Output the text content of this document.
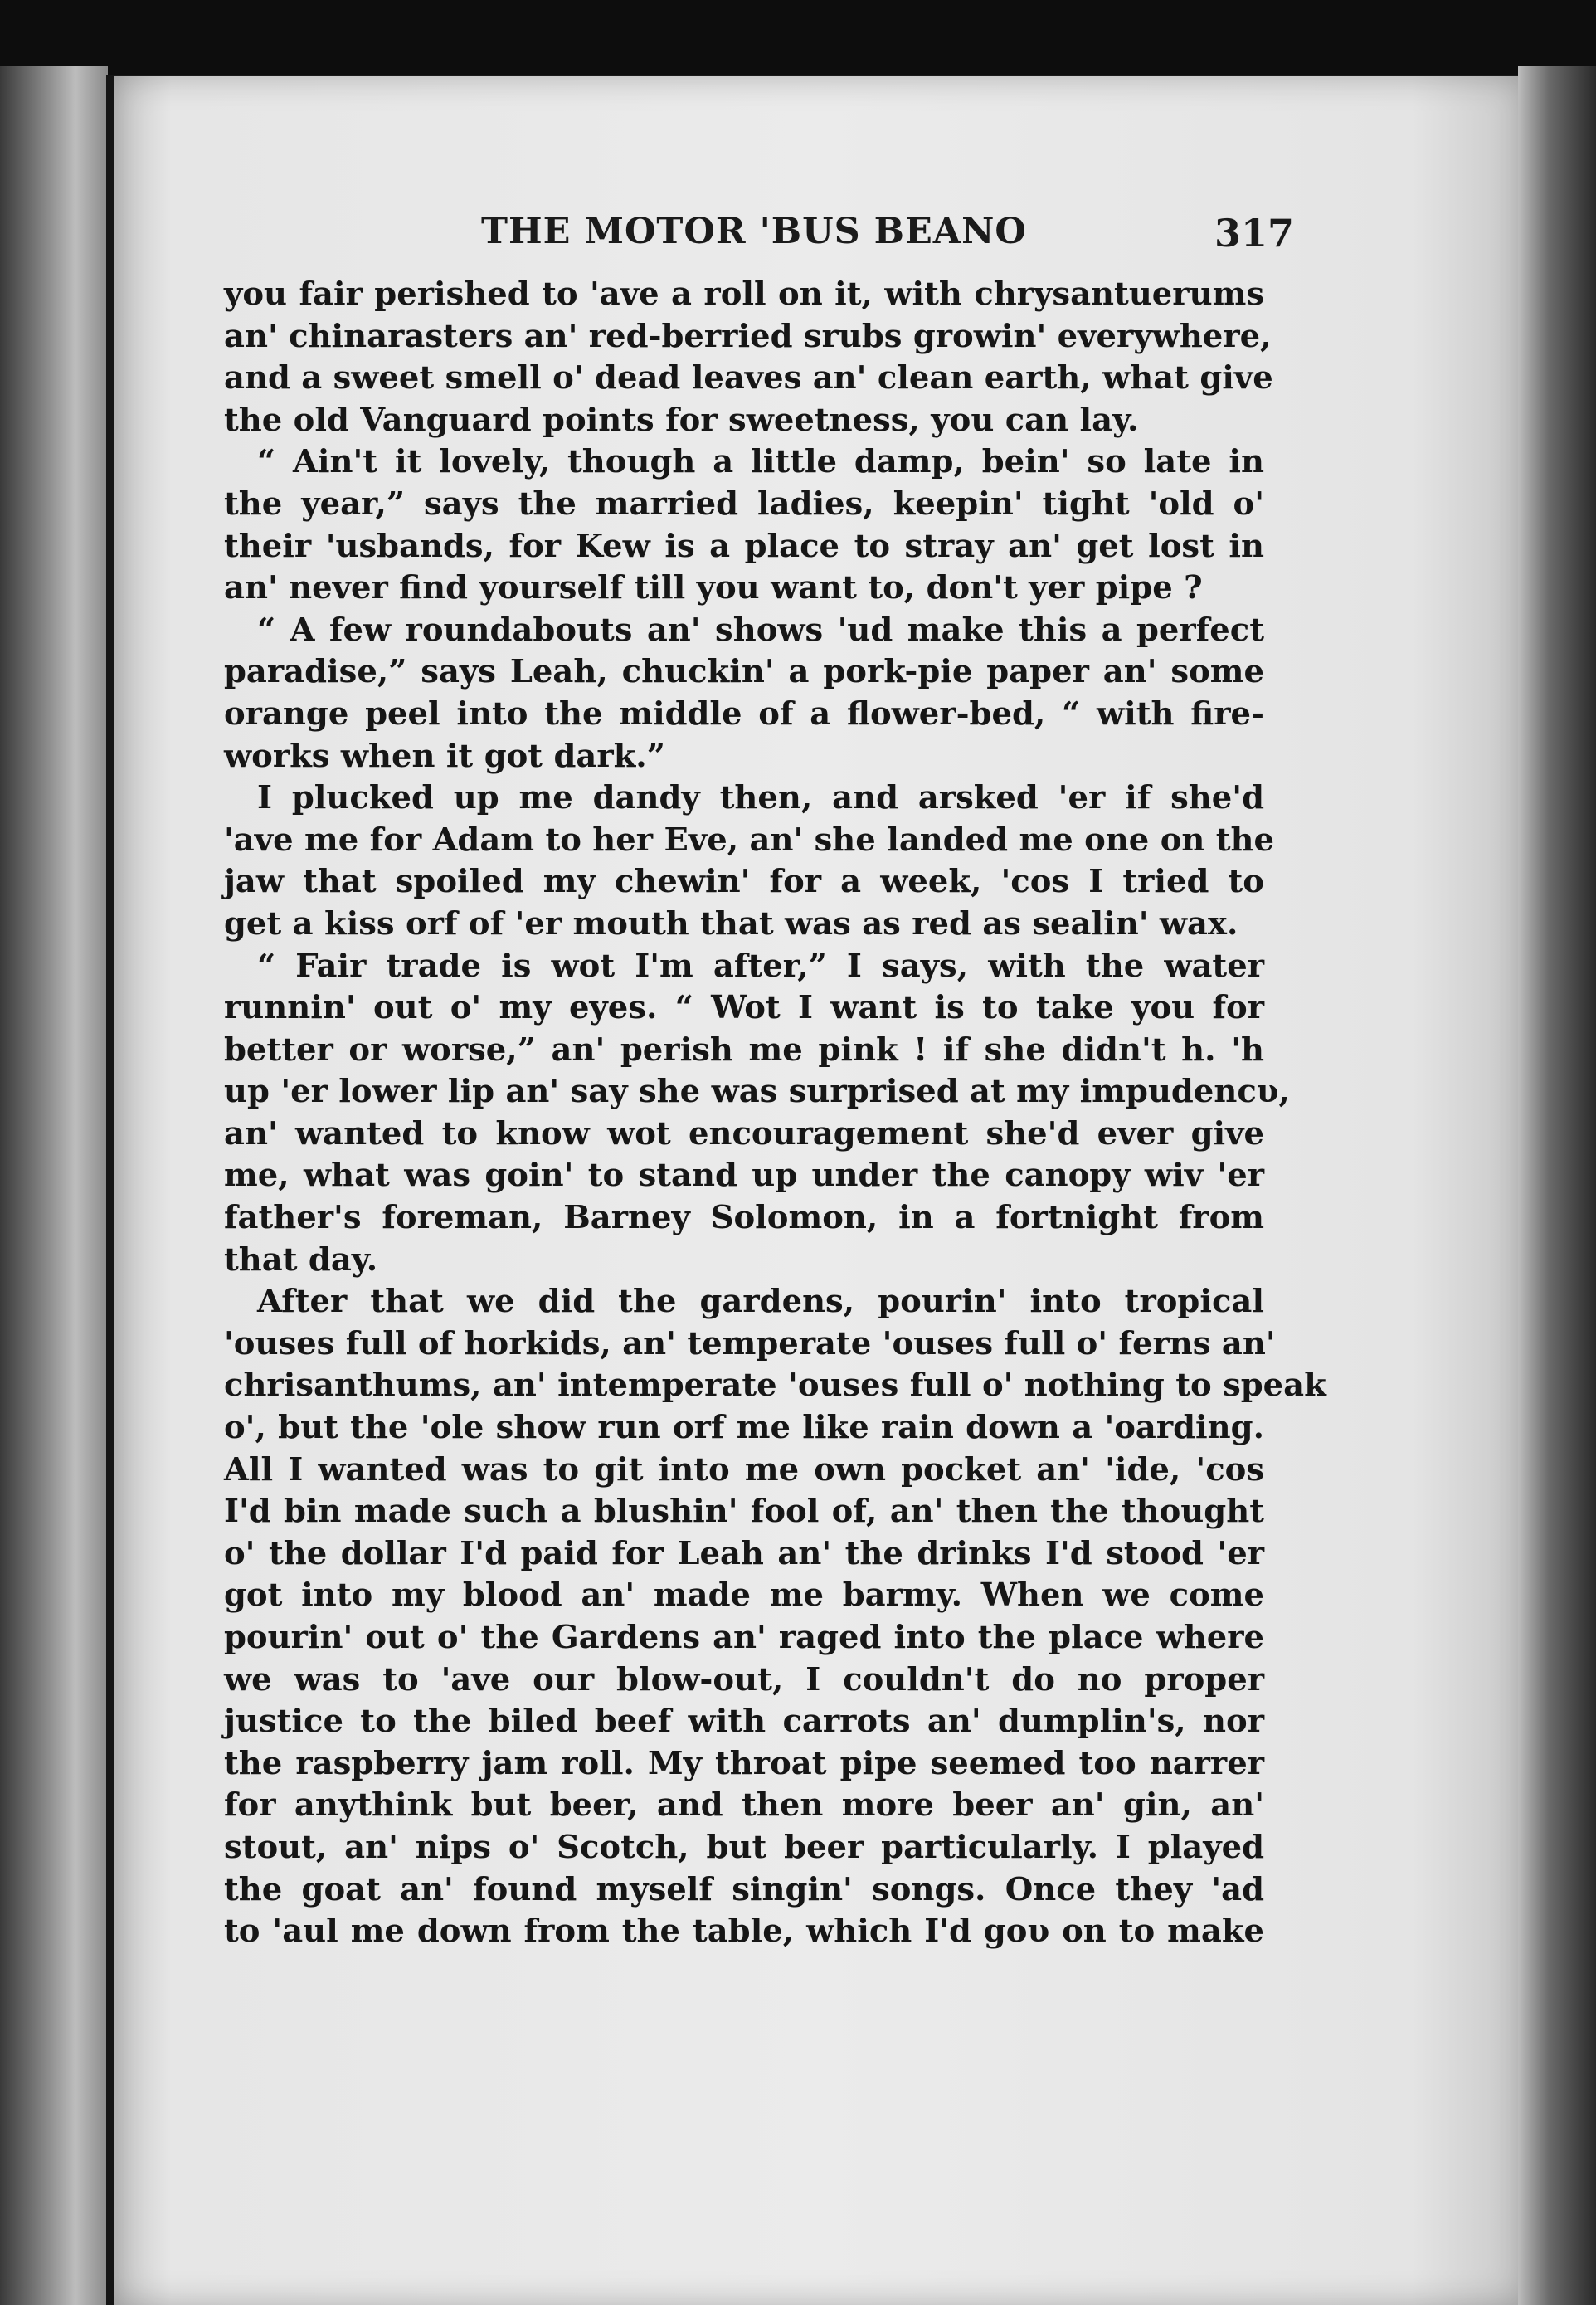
THE MOTOR 'BUS BEANO	317
you fair perished to 'ave a roll on it, with chrysantuerums
an' chinarasters an' red-berried srubs growin' everywhere,
and a sweet smell o' dead leaves an' clean earth, what give
the old Vanguard points for sweetness, you can lay.
“ Ain't it lovely, though a little damp, bein' so late in
the year,” says the married ladies, keepin' tight 'old o'
their 'usbands, for Kew is a place to stray an' get lost in
an' never find yourself till you want to, don't yer pipe ?
“ A few roundabouts an' shows 'ud make this a perfect
paradise,” says Leah, chuckin' a pork-pie paper an' some
orange peel into the middle of a flower-bed, “ with fire-
works when it got dark.”
I plucked up me dandy then, and arsked 'er if she'd
'ave me for Adam to her Eve, an' she landed me one on the
jaw that spoiled my chewin' for a week, 'cos I tried to
get a kiss orf of 'er mouth that was as red as sealin' wax.
“ Fair trade is wot I'm after,” I says, with the water
runnin' out o' my eyes. “ Wot I want is to take you for
better or worse,” an' perish me pink ! if she didn't h. 'h
up 'er lower lip an' say she was surprised at my impudencυ,
an' wanted to know wot encouragement she'd ever give
me, what was goin' to stand up under the canopy wiv 'er
father's foreman, Barney Solomon, in a fortnight from
that day.
After that we did the gardens, pourin' into tropical
'ouses full of horkids, an' temperate 'ouses full o' ferns an'
chrisanthums, an' intemperate 'ouses full o' nothing to speak
o', but the 'ole show run orf me like rain down a 'oarding.
All I wanted was to git into me own pocket an' 'ide, 'cos
I'd bin made such a blushin' fool of, an' then the thought
o' the dollar I'd paid for Leah an' the drinks I'd stood 'er
got into my blood an' made me barmy. When we come
pourin' out o' the Gardens an' raged into the place where
we was to 'ave our blow-out, I couldn't do no proper
justice to the biled beef with carrots an' dumplin's, nor
the raspberry jam roll. My throat pipe seemed too narrer
for anythink but beer, and then more beer an' gin, an'
stout, an' nips o' Scotch, but beer particularly. I played
the goat an' found myself singin' songs. Once they 'ad
to 'aul me down from the table, which I'd goυ on to make
